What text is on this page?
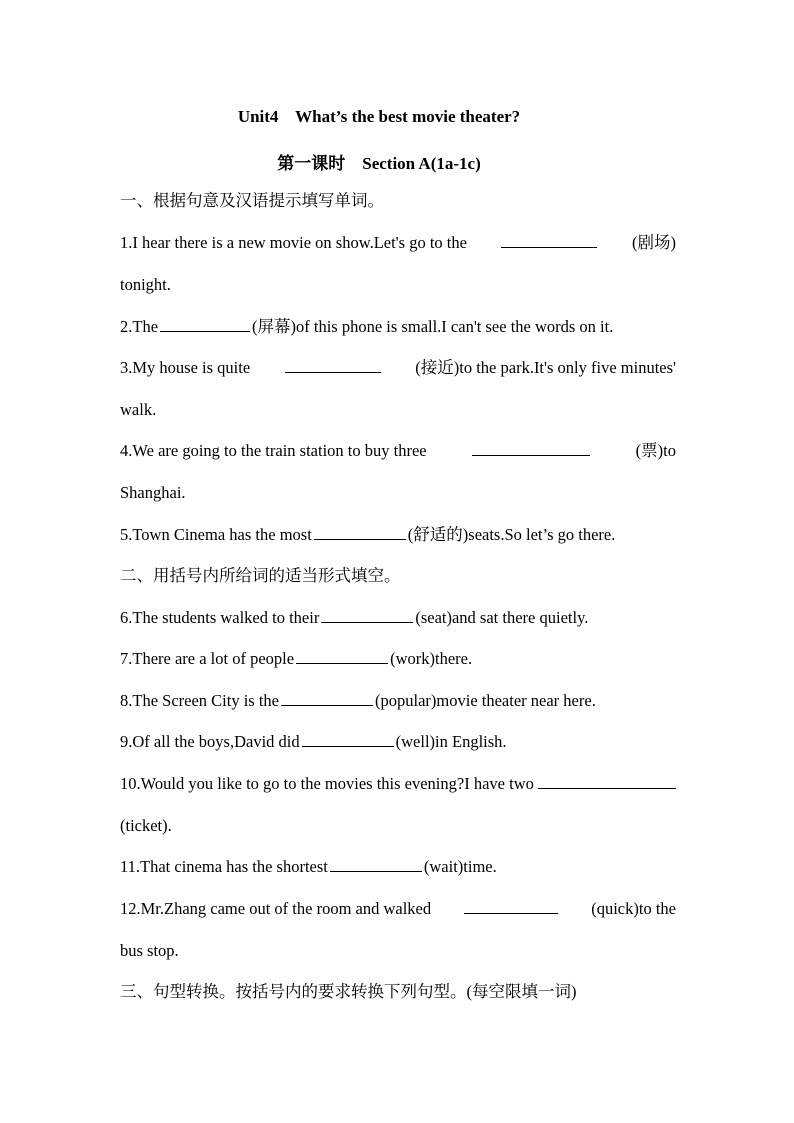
Unit4    What’s the best movie theater?
第一课时    Section A(1a-1c)
一、根据句意及汉语提示填写单词。
1.I hear there is a new movie on show.Let's go to the	(剧场)
tonight.
2.The	(屏幕)of this phone is small.I can't see the words on it.
3.My house is quite	(接近)to the park.It's only five minutes'
walk.
4.We are going to the train station to buy three	(票)to
Shanghai.
5.Town Cinema has the most	(舒适的)seats.So let’s go there.
二、用括号内所给词的适当形式填空。
6.The students walked to their	(seat)and sat there quietly.
7.There are a lot of people	(work)there.
8.The Screen City is the	(popular)movie theater near here.
9.Of all the boys,David did	(well)in English.
10.Would you like to go to the movies this evening?I have two
(ticket).
11.That cinema has the shortest	(wait)time.
12.Mr.Zhang came out of the room and walked	(quick)to the
bus stop.
三、句型转换。按括号内的要求转换下列句型。(每空限填一词)
